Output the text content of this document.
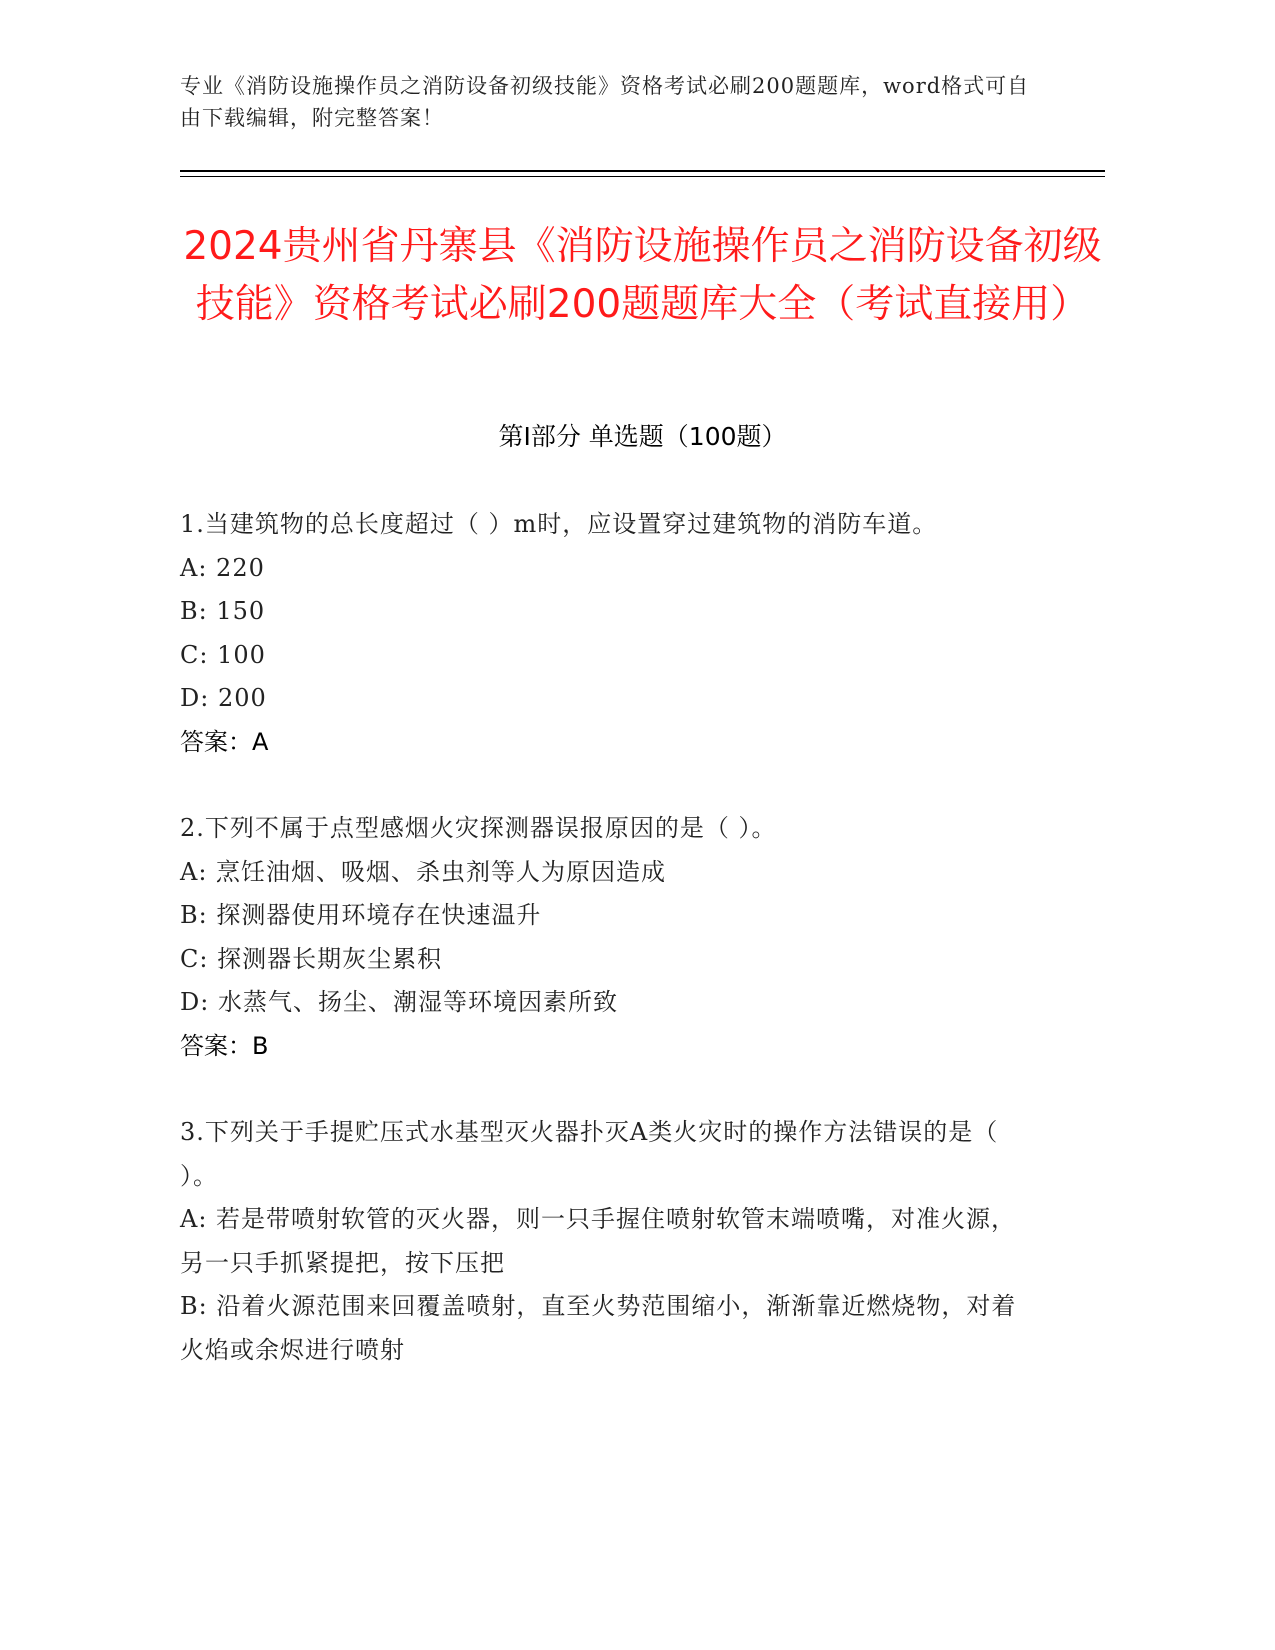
专业《消防设施操作员之消防设备初级技能》资格考试必刷200题题库，word格式可自由下载编辑，附完整答案！
2024贵州省丹寨县《消防设施操作员之消防设备初级技能》资格考试必刷200题题库大全（考试直接用）
第I部分 单选题（100题）

1.当建筑物的总长度超过（ ）m时，应设置穿过建筑物的消防车道。

A: 220

B: 150

C: 100

D: 200

答案：A

2.下列不属于点型感烟火灾探测器误报原因的是（ ）。

A: 烹饪油烟、吸烟、杀虫剂等人为原因造成

B: 探测器使用环境存在快速温升

C: 探测器长期灰尘累积

D: 水蒸气、扬尘、潮湿等环境因素所致

答案：B

3.下列关于手提贮压式水基型灭火器扑灭A类火灾时的操作方法错误的是（ ）。

A: 若是带喷射软管的灭火器，则一只手握住喷射软管末端喷嘴，对准火源，另一只手抓紧提把，按下压把

B: 沿着火源范围来回覆盖喷射，直至火势范围缩小，渐渐靠近燃烧物，对着火焰或余烬进行喷射
